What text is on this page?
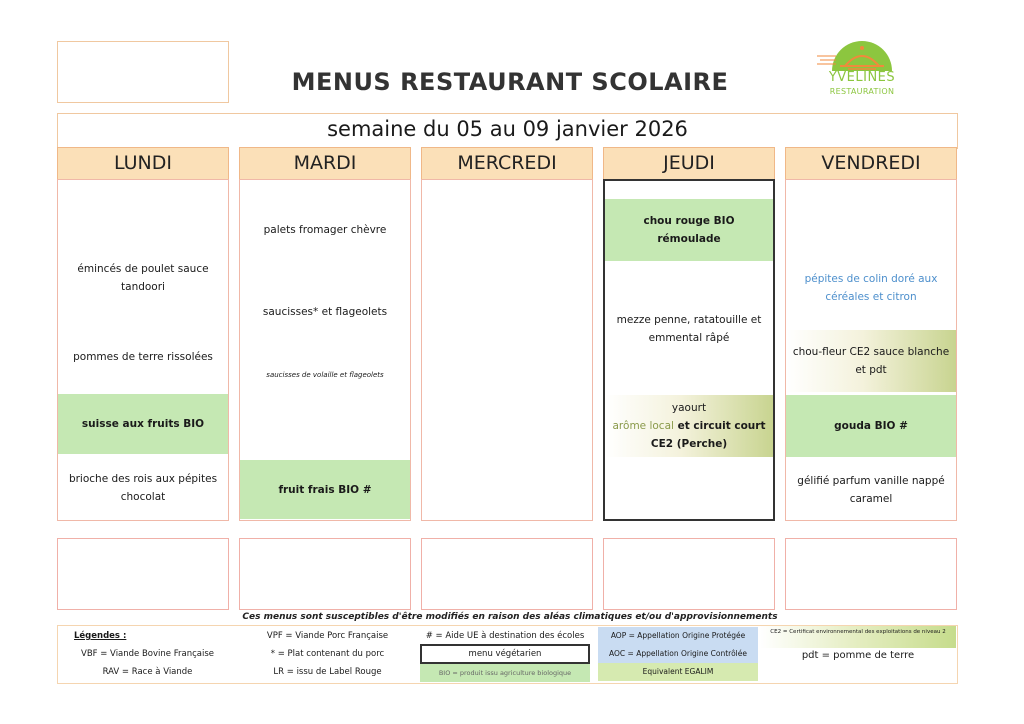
MENUS RESTAURANT SCOLAIRE	YVELINES
RESTAURATION
semaine du 05 au 09 janvier 2026
LUNDI
émincés de poulet sauce tandoori
pommes de terre rissolées
suisse aux fruits BIO
brioche des rois aux pépites chocolat
MARDI
palets fromager chèvre
saucisses* et flageolets
saucisses de volaille et flageolets
fruit frais BIO #
MERCREDI	JEUDI
chou rouge BIO rémoulade
mezze penne, ratatouille et emmental râpé
yaourt
arôme local et circuit court CE2 (Perche)
VENDREDI
pépites de colin doré aux céréales et citron
chou-fleur CE2 sauce blanche et pdt
gouda BIO #
gélifié parfum vanille nappé caramel
Ces menus sont susceptibles d'être modifiés en raison des aléas climatiques et/ou d'approvisionnements
Légendes :
VBF = Viande Bovine Française
RAV = Race à Viande
VPF = Viande Porc Française
* = Plat contenant du porc
LR = issu de Label Rouge
# = Aide UE à destination des écoles
menu végétarien
BIO = produit issu agriculture biologique
AOP = Appellation Origine Protégée
AOC = Appellation Origine Contrôlée
Equivalent EGALIM
CE2 = Certificat environnemental des exploitations de niveau 2
pdt = pomme de terre
